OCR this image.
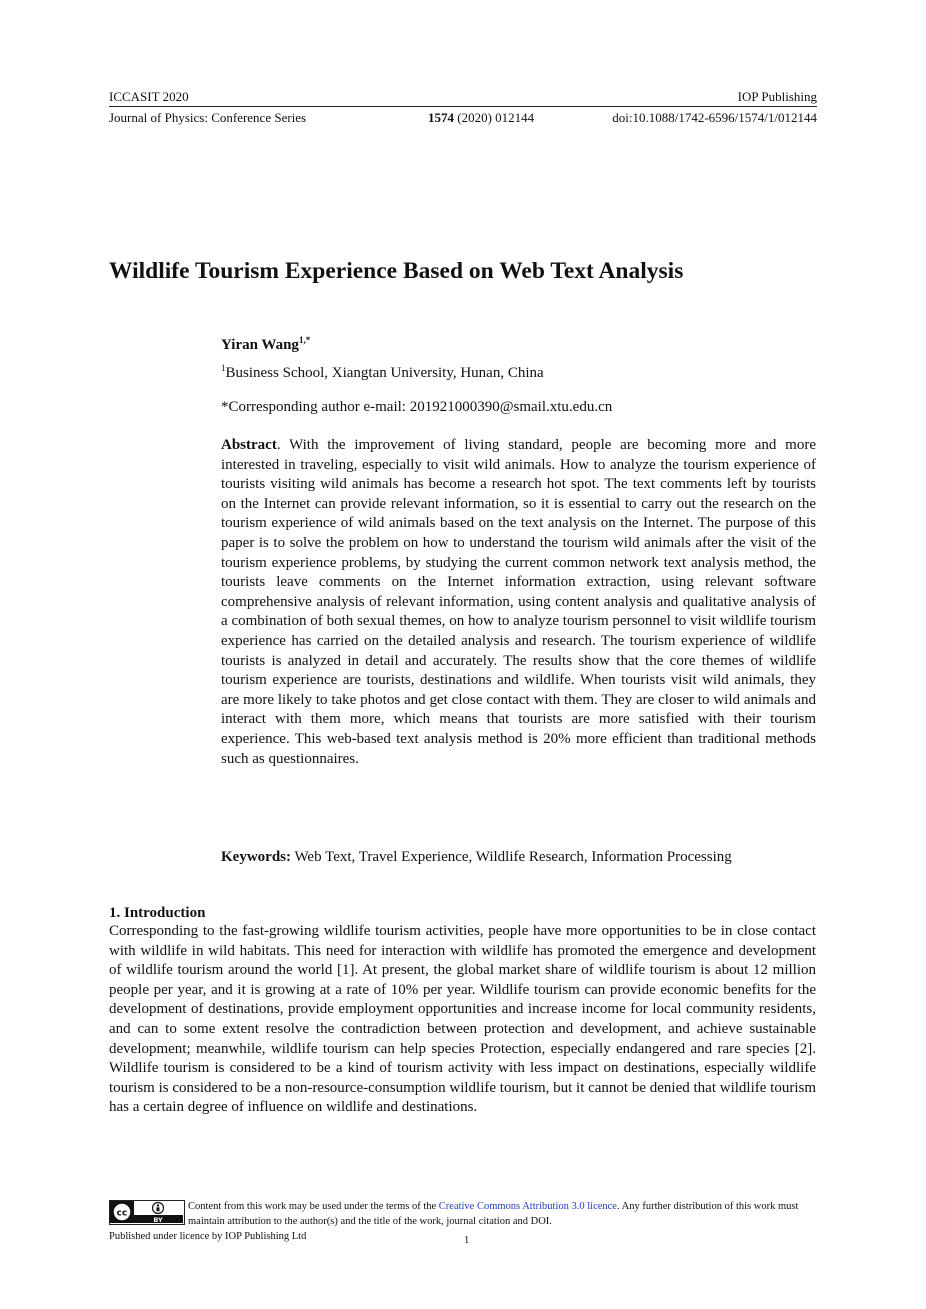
ICCASIT 2020	IOP Publishing
Journal of Physics: Conference Series	1574 (2020) 012144	doi:10.1088/1742-6596/1574/1/012144
Wildlife Tourism Experience Based on Web Text Analysis
Yiran Wang$^{1,*}$
$^1$Business School, Xiangtan University, Hunan, China
*Corresponding author e-mail: 201921000390@smail.xtu.edu.cn

Abstract. With the improvement of living standard, people are becoming more and more interested in traveling, especially to visit wild animals. How to analyze the tourism experience of tourists visiting wild animals has become a research hot spot. The text comments left by tourists on the Internet can provide relevant information, so it is essential to carry out the research on the tourism experience of wild animals based on the text analysis on the Internet. The purpose of this paper is to solve the problem on how to understand the tourism wild animals after the visit of the tourism experience problems, by studying the current common network text analysis method, the tourists leave comments on the Internet information extraction, using relevant software comprehensive analysis of relevant information, using content analysis and qualitative analysis of a combination of both sexual themes, on how to analyze tourism personnel to visit wildlife tourism experience has carried on the detailed analysis and research. The tourism experience of wildlife tourists is analyzed in detail and accurately. The results show that the core themes of wildlife tourism experience are tourists, destinations and wildlife. When tourists visit wild animals, they are more likely to take photos and get close contact with them. They are closer to wild animals and interact with them more, which means that tourists are more satisfied with their tourism experience. This web-based text analysis method is 20% more efficient than traditional methods such as questionnaires.

Keywords: Web Text, Travel Experience, Wildlife Research, Information Processing
1. Introduction

Corresponding to the fast-growing wildlife tourism activities, people have more opportunities to be in close contact with wildlife in wild habitats. This need for interaction with wildlife has promoted the emergence and development of wildlife tourism around the world [1]. At present, the global market share of wildlife tourism is about 12 million people per year, and it is growing at a rate of 10% per year. Wildlife tourism can provide economic benefits for the development of destinations, provide employment opportunities and increase income for local community residents, and can to some extent resolve the contradiction between protection and development, and achieve sustainable development; meanwhile, wildlife tourism can help species Protection, especially endangered and rare species [2]. Wildlife tourism is considered to be a kind of tourism activity with less impact on destinations, especially wildlife tourism is considered to be a non-resource-consumption wildlife tourism, but it cannot be denied that wildlife tourism has a certain degree of influence on wildlife and destinations.

cc
BY
Content from this work may be used under the terms of the Creative Commons Attribution 3.0 licence. Any further distribution of this work must maintain attribution to the author(s) and the title of the work, journal citation and DOI.
Published under licence by IOP Publishing Ltd	1
